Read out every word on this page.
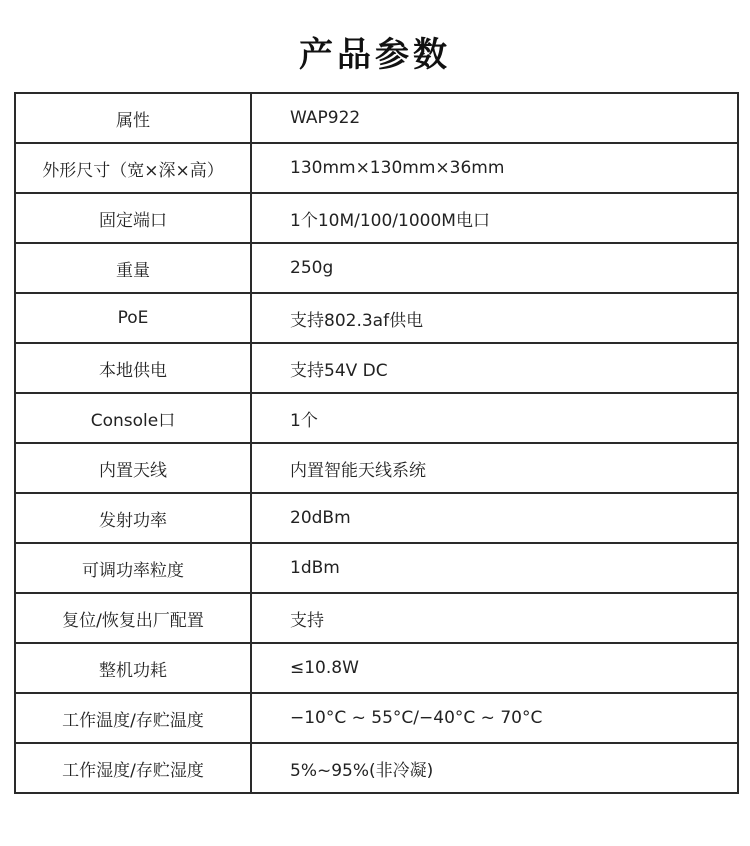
产品参数
属性	WAP922
外形尺寸（宽×深×高）	130mm×130mm×36mm
固定端口	1个10M/100/1000M电口
重量	250g
PoE	支持802.3af供电
本地供电	支持54V DC
Console口	1个
内置天线	内置智能天线系统
发射功率	20dBm
可调功率粒度	1dBm
复位/恢复出厂配置	支持
整机功耗	≤10.8W
工作温度/存贮温度	−10°C ~ 55°C/−40°C ~ 70°C
工作湿度/存贮湿度	5%~95%(非冷凝)
